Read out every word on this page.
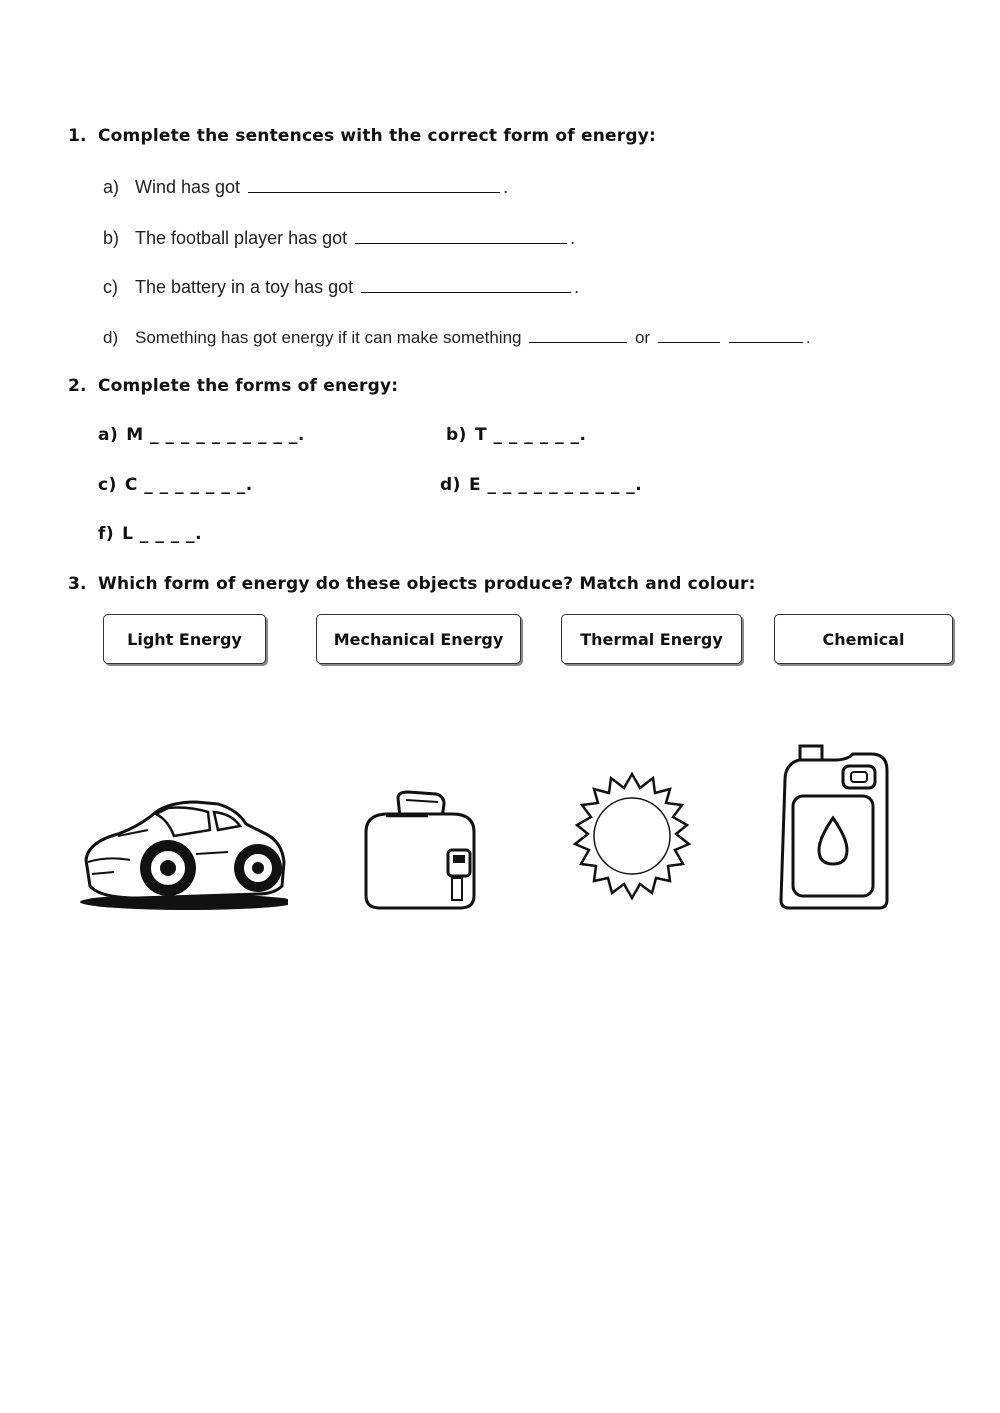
1. Complete the sentences with the correct form of energy:
a) Wind has got	.
b) The football player has got	.
c) The battery in a toy has got	.
d) Something has got energy if it can make something	or	.
2. Complete the forms of energy:
a) M _ _ _ _ _ _ _ _ _ _.	b) T _ _ _ _ _ _.
c) C _ _ _ _ _ _ _.	d) E _ _ _ _ _ _ _ _ _ _.
f) L _ _ _ _.
3. Which form of energy do these objects produce? Match and colour:
Light Energy	Mechanical Energy	Thermal Energy	Chemical
